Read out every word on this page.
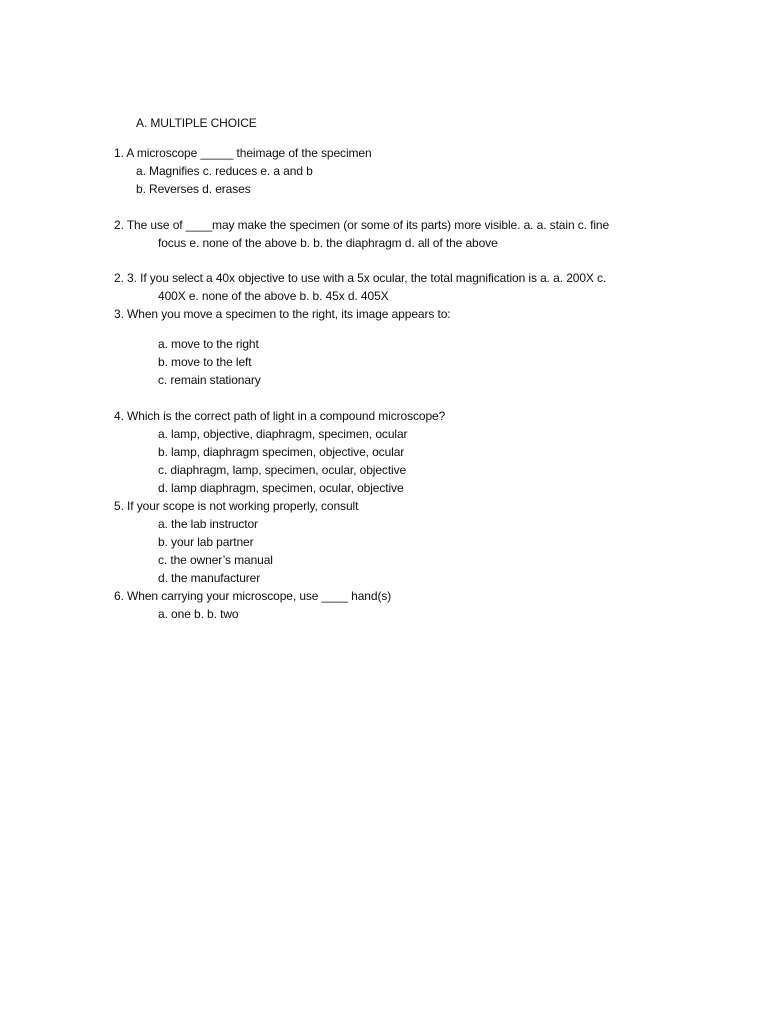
A. MULTIPLE CHOICE
1. A microscope _____ theimage of the specimen
a. Magnifies c. reduces e. a and b
b. Reverses d. erases
2. The use of ____may make the specimen (or some of its parts) more visible. a. a. stain c. fine
focus e. none of the above b. b. the diaphragm d. all of the above
2. 3. If you select a 40x objective to use with a 5x ocular, the total magnification is a. a. 200X c.
400X e. none of the above b. b. 45x d. 405X
3. When you move a specimen to the right, its image appears to:
a. move to the right
b. move to the left
c. remain stationary
4. Which is the correct path of light in a compound microscope?
a. lamp, objective, diaphragm, specimen, ocular
b. lamp, diaphragm specimen, objective, ocular
c. diaphragm, lamp, specimen, ocular, objective
d. lamp diaphragm, specimen, ocular, objective
5. If your scope is not working properly, consult
a. the lab instructor
b. your lab partner
c. the owner’s manual
d. the manufacturer
6. When carrying your microscope, use ____ hand(s)
a. one b. b. two
